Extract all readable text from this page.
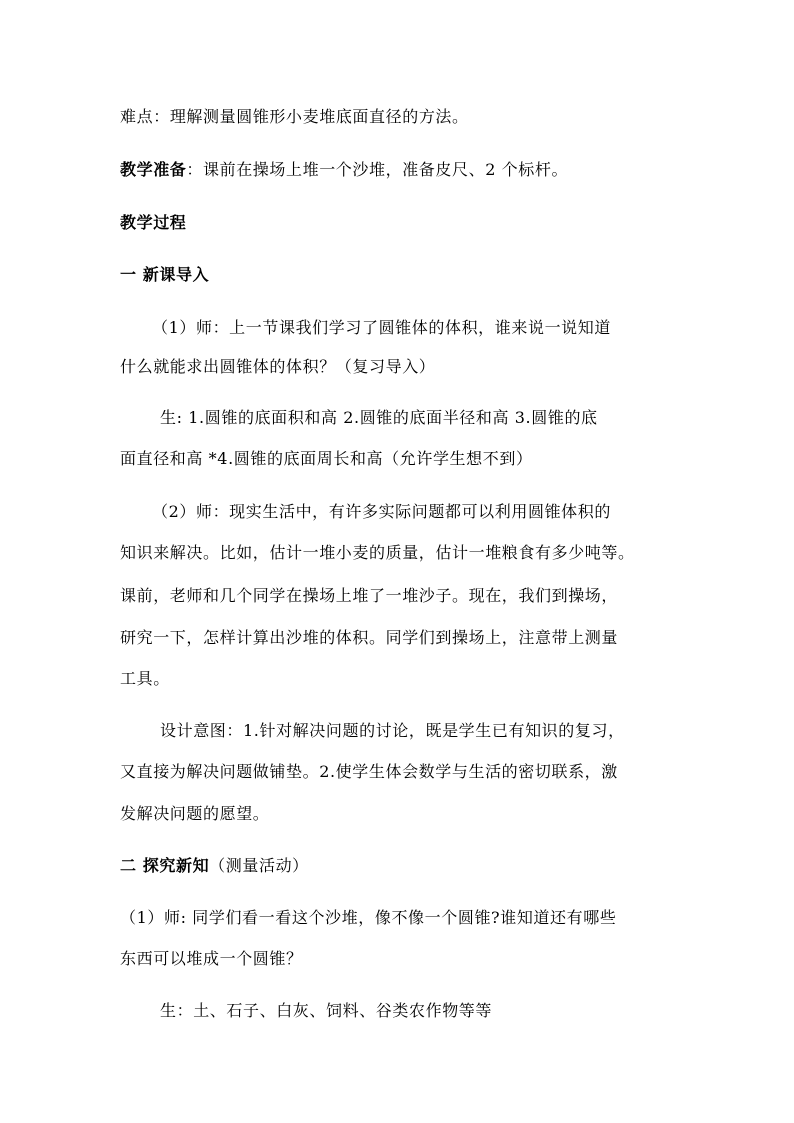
难点：理解测量圆锥形小麦堆底面直径的方法。
教学准备：课前在操场上堆一个沙堆，准备皮尺、2 个标杆。
教学过程
一 新课导入
（1）师：上一节课我们学习了圆锥体的体积，谁来说一说知道
什么就能求出圆锥体的体积？（复习导入）
生: 1.圆锥的底面积和高 2.圆锥的底面半径和高 3.圆锥的底
面直径和高 *4.圆锥的底面周长和高（允许学生想不到）
（2）师：现实生活中，有许多实际问题都可以利用圆锥体积的
知识来解决。比如，估计一堆小麦的质量，估计一堆粮食有多少吨等。
课前，老师和几个同学在操场上堆了一堆沙子。现在，我们到操场，
研究一下，怎样计算出沙堆的体积。同学们到操场上，注意带上测量
工具。
设计意图：1.针对解决问题的讨论，既是学生已有知识的复习，
又直接为解决问题做铺垫。2.使学生体会数学与生活的密切联系，激
发解决问题的愿望。
二 探究新知（测量活动）
（1）师: 同学们看一看这个沙堆，像不像一个圆锥?谁知道还有哪些
东西可以堆成一个圆锥？
生：土、石子、白灰、饲料、谷类农作物等等
